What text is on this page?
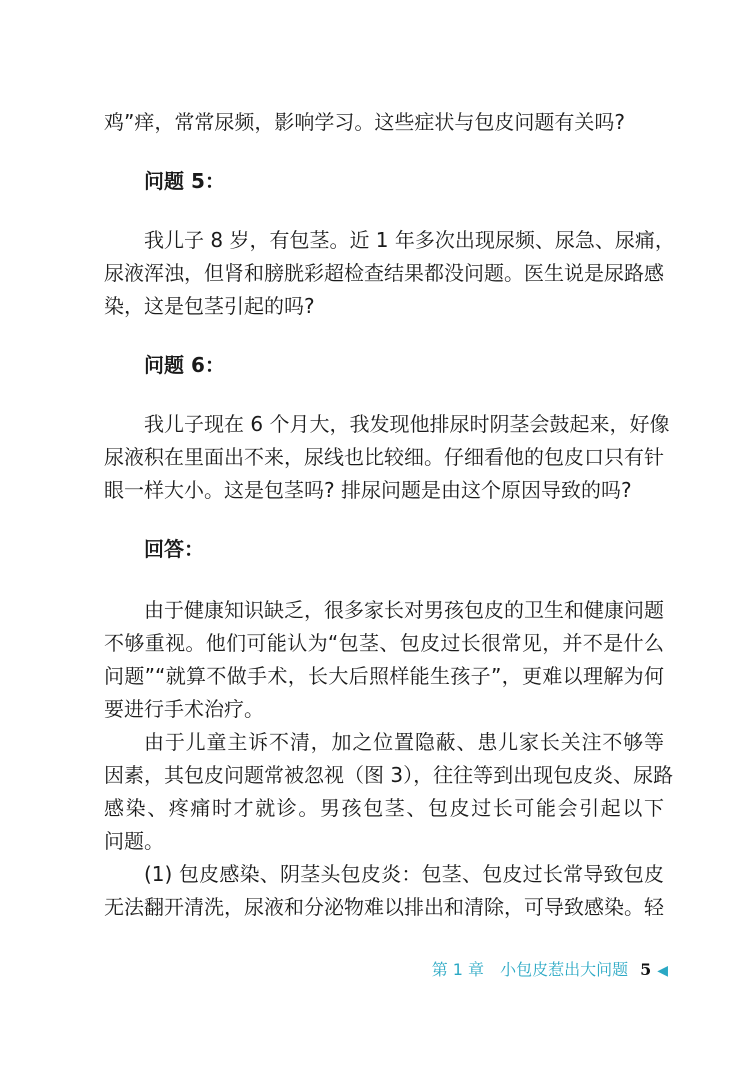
鸡”痒，常常尿频，影响学习。这些症状与包皮问题有关吗?
问题 5：
我儿子 8 岁，有包茎。近 1 年多次出现尿频、尿急、尿痛，
尿液浑浊，但肾和膀胱彩超检查结果都没问题。医生说是尿路感
染，这是包茎引起的吗?
问题 6：
我儿子现在 6 个月大，我发现他排尿时阴茎会鼓起来，好像
尿液积在里面出不来，尿线也比较细。仔细看他的包皮口只有针
眼一样大小。这是包茎吗? 排尿问题是由这个原因导致的吗?
回答：
由于健康知识缺乏，很多家长对男孩包皮的卫生和健康问题
不够重视。他们可能认为“包茎、包皮过长很常见，并不是什么
问题”“就算不做手术，长大后照样能生孩子”，更难以理解为何
要进行手术治疗。
由于儿童主诉不清，加之位置隐蔽、患儿家长关注不够等
因素，其包皮问题常被忽视（图 3），往往等到出现包皮炎、尿路
感染、疼痛时才就诊。男孩包茎、包皮过长可能会引起以下
问题。
(1) 包皮感染、阴茎头包皮炎：包茎、包皮过长常导致包皮
无法翻开清洗，尿液和分泌物难以排出和清除，可导致感染。轻
第 1 章 小包皮惹出大问题 5 ◀
